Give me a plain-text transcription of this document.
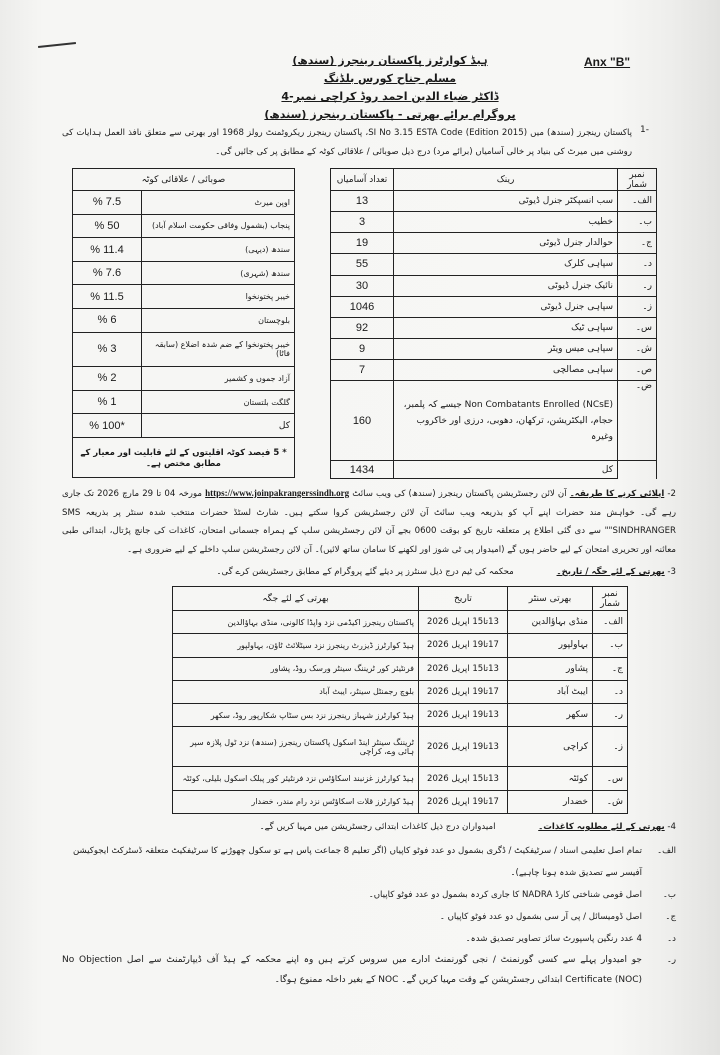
Anx "B"
ہیڈ کوارٹرز پاکستان رینجرز (سندھ)
مسلم جناح کورس بلڈنگ
ڈاکٹر ضیاء الدین احمد روڈ کراچی نمبر-4
پروگرام برائے بھرتی - پاکستان رینجرز (سندھ)
1-
پاکستان رینجرز (سندھ) میں SI No 3.15 ESTA Code (Edition 2015)، پاکستان رینجرز ریکروٹمنٹ رولز 1968 اور بھرتی سے متعلق نافذ العمل ہدایات کی روشنی میں میرٹ کی بنیاد پر خالی آسامیاں (برائے مرد) درج ذیل صوبائی / علاقائی کوٹہ کے مطابق پر کی جائیں گی۔
نمبر شمار	رینک	تعداد آسامیاں
الف۔	سب انسپکٹر جنرل ڈیوٹی	13
ب۔	خطیب	3
ج۔	حوالدار جنرل ڈیوٹی	19
د۔	سپاہی کلرک	55
ر۔	نائیک جنرل ڈیوٹی	30
ز۔	سپاہی جنرل ڈیوٹی	1046
س۔	سپاہی ٹیک	92
ش۔	سپاہی میس ویٹر	9
ص۔	سپاہی مصالچی	7
ض۔	Non Combatants Enrolled (NCsE) جیسے کہ پلمبر، حجام، الیکٹریشن، ترکھان، دھوبی، درزی اور خاکروب وغیرہ	160
	کل	1434
صوبائی / علاقائی کوٹہ	
اوپن میرٹ	7.5 %
پنجاب (بشمول وفاقی حکومت اسلام آباد)	50 %
سندھ (دیہی)	11.4 %
سندھ (شہری)	7.6 %
خیبر پختونخوا	11.5 %
بلوچستان	6 %
خیبر پختونخوا کے ضم شدہ اضلاع (سابقہ فاٹا)	3 %
آزاد جموں و کشمیر	2 %
گلگت بلتستان	1 %
کل	*100 %
* 5 فیصد کوٹہ اقلیتوں کے لئے قابلیت اور معیار کے مطابق مختص ہے۔	
2- اپلائی کرنے کا طریقہ۔ آن لائن رجسٹریشن پاکستان رینجرز (سندھ) کی ویب سائٹ https://www.joinpakrangerssindh.org مورخہ 04 تا 29 مارچ 2026 تک جاری رہے گی۔ خواہش مند حضرات اپنے آپ کو بذریعہ ویب سائٹ آن لائن رجسٹریشن کروا سکتے ہیں۔ شارٹ لسٹڈ حضرات منتخب شدہ سنٹر پر بذریعہ SMS "SINDHRANGER" سے دی گئی اطلاع پر متعلقہ تاریخ کو بوقت 0600 بجے آن لائن رجسٹریشن سلپ کے ہمراہ جسمانی امتحان، کاغذات کی جانچ پڑتال، ابتدائی طبی معائنہ اور تحریری امتحان کے لیے حاضر ہوں گے (امیدوار پی ٹی شوز اور لکھنے کا سامان ساتھ لائیں)۔ آن لائن رجسٹریشن سلپ داخلے کے لیے ضروری ہے۔
3- بھرتی کے لئے جگہ / تاریخ۔ محکمہ کی ٹیم درج ذیل سنٹرز پر دیئے گئے پروگرام کے مطابق رجسٹریشن کرے گی۔
نمبر شمار	بھرتی سنٹر	تاریخ	بھرتی کے لئے جگہ
الف۔	منڈی بہاؤالدین	13تا15 اپریل 2026	پاکستان رینجرز اکیڈمی نزد واپڈا کالونی، منڈی بہاؤالدین
ب۔	بہاولپور	17تا19 اپریل 2026	ہیڈ کوارٹرز ڈیزرٹ رینجرز نزد سیٹلائٹ ٹاؤن، بہاولپور
ج۔	پشاور	13تا15 اپریل 2026	فرنٹیئر کور ٹریننگ سینٹر ورسک روڈ، پشاور
د۔	ایبٹ آباد	17تا19 اپریل 2026	بلوچ رجمنٹل سینٹر، ایبٹ آباد
ر۔	سکھر	13تا19 اپریل 2026	ہیڈ کوارٹرز شہباز رینجرز نزد بس سٹاپ شکارپور روڈ، سکھر
ز۔	کراچی	13تا19 اپریل 2026	ٹریننگ سینٹر اینڈ اسکول پاکستان رینجرز (سندھ) نزد ٹول پلازہ سپر ہائی وے، کراچی
س۔	کوئٹہ	13تا15 اپریل 2026	ہیڈ کوارٹرز غزنبند اسکاؤٹس نزد فرنٹیئر کور پبلک اسکول بلیلی، کوئٹہ
ش۔	خضدار	17تا19 اپریل 2026	ہیڈ کوارٹرز قلات اسکاؤٹس نزد رام مندر، خضدار
4- بھرتی کے لئے مطلوبہ کاغذات۔ امیدواران درج ذیل کاغذات ابتدائی رجسٹریشن میں مہیا کریں گے۔
الف۔
تمام اصل تعلیمی اسناد / سرٹیفکیٹ / ڈگری بشمول دو عدد فوٹو کاپیاں (اگر تعلیم 8 جماعت پاس ہے تو سکول چھوڑنے کا سرٹیفکیٹ متعلقہ ڈسٹرکٹ ایجوکیشن آفیسر سے تصدیق شدہ ہونا چاہیے)۔
ب۔
اصل قومی شناختی کارڈ NADRA کا جاری کردہ بشمول دو عدد فوٹو کاپیاں۔
ج۔
اصل ڈومیسائل / پی آر سی بشمول دو عدد فوٹو کاپیاں ۔
د۔
4 عدد رنگین پاسپورٹ سائز تصاویر تصدیق شدہ۔
ر۔
جو امیدوار پہلے سے کسی گورنمنٹ / نجی گورنمنٹ ادارے میں سروس کرتے ہیں وہ اپنے محکمہ کے ہیڈ آف ڈیپارٹمنٹ سے اصل No Objection Certificate (NOC) ابتدائی رجسٹریشن کے وقت مہیا کریں گے۔ NOC کے بغیر داخلہ ممنوع ہوگا۔
